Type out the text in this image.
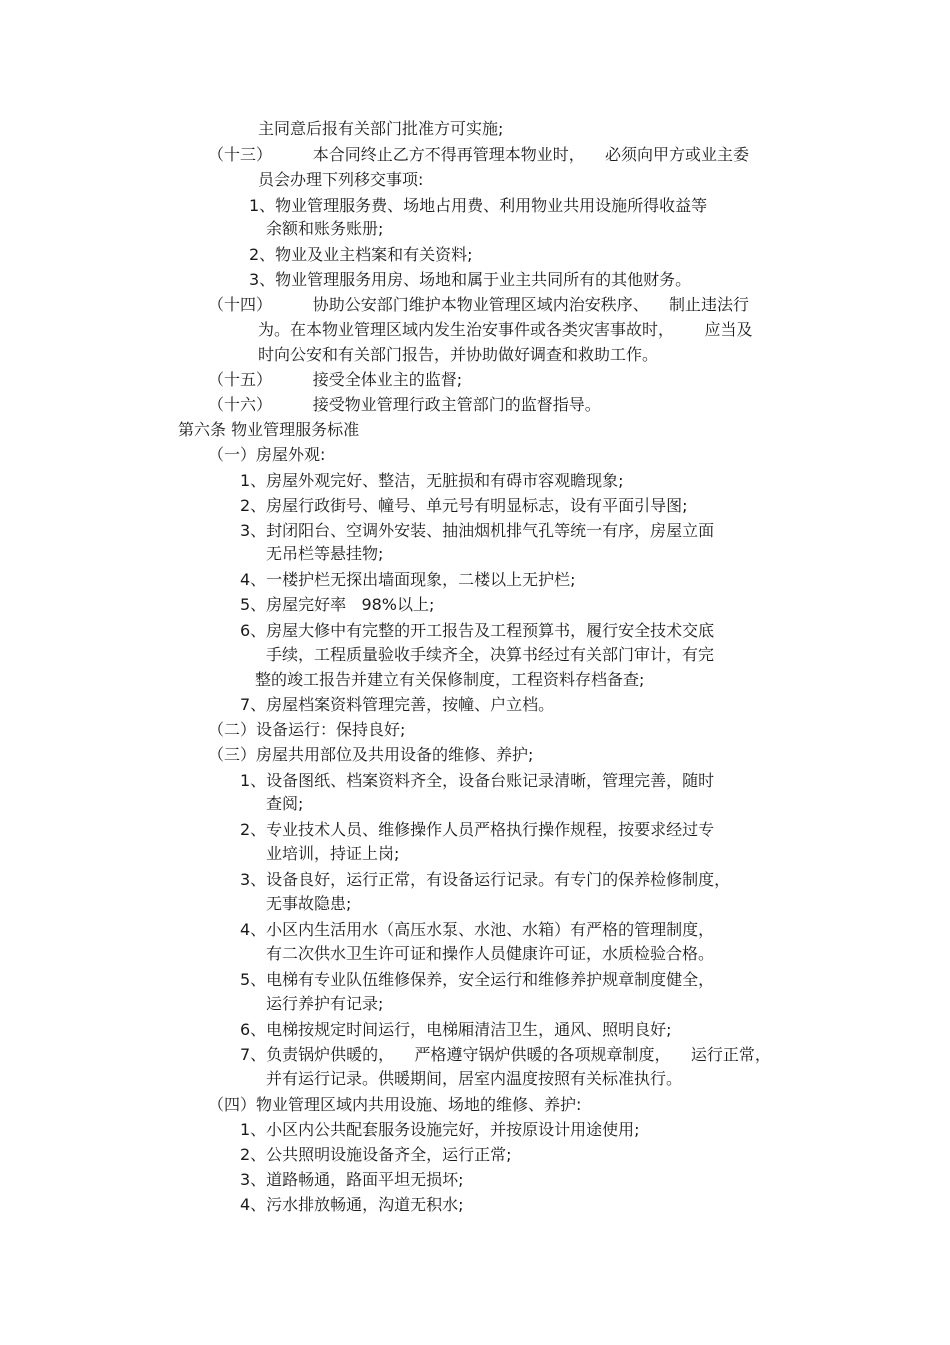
主同意后报有关部门批准方可实施;
（十三）        本合同终止乙方不得再管理本物业时，    必须向甲方或业主委
员会办理下列移交事项:
1、物业管理服务费、场地占用费、利用物业共用设施所得收益等
余额和账务账册;
2、物业及业主档案和有关资料;
3、物业管理服务用房、场地和属于业主共同所有的其他财务。
（十四）        协助公安部门维护本物业管理区域内治安秩序、    制止违法行
为。在本物业管理区域内发生治安事件或各类灾害事故时，      应当及
时向公安和有关部门报告，并协助做好调查和救助工作。
（十五）        接受全体业主的监督;
（十六）        接受物业管理行政主管部门的监督指导。
第六条 物业管理服务标准
（一）房屋外观:
1、房屋外观完好、整洁，无脏损和有碍市容观瞻现象;
2、房屋行政街号、幢号、单元号有明显标志，设有平面引导图;
3、封闭阳台、空调外安装、抽油烟机排气孔等统一有序，房屋立面
无吊栏等悬挂物;
4、一楼护栏无探出墙面现象，二楼以上无护栏;
5、房屋完好率   98%以上;
6、房屋大修中有完整的开工报告及工程预算书，履行安全技术交底
手续，工程质量验收手续齐全，决算书经过有关部门审计，有完
整的竣工报告并建立有关保修制度，工程资料存档备查;
7、房屋档案资料管理完善，按幢、户立档。
（二）设备运行：保持良好;
（三）房屋共用部位及共用设备的维修、养护;
1、设备图纸、档案资料齐全，设备台账记录清晰，管理完善，随时
查阅;
2、专业技术人员、维修操作人员严格执行操作规程，按要求经过专
业培训，持证上岗;
3、设备良好，运行正常，有设备运行记录。有专门的保养检修制度，
无事故隐患;
4、小区内生活用水（高压水泵、水池、水箱）有严格的管理制度，
有二次供水卫生许可证和操作人员健康许可证，水质检验合格。
5、电梯有专业队伍维修保养，安全运行和维修养护规章制度健全，
运行养护有记录;
6、电梯按规定时间运行，电梯厢清洁卫生，通风、照明良好;
7、负责锅炉供暖的，    严格遵守锅炉供暖的各项规章制度，    运行正常，
并有运行记录。供暖期间，居室内温度按照有关标准执行。
（四）物业管理区域内共用设施、场地的维修、养护:
1、小区内公共配套服务设施完好，并按原设计用途使用;
2、公共照明设施设备齐全，运行正常;
3、道路畅通，路面平坦无损坏;
4、污水排放畅通，沟道无积水;
